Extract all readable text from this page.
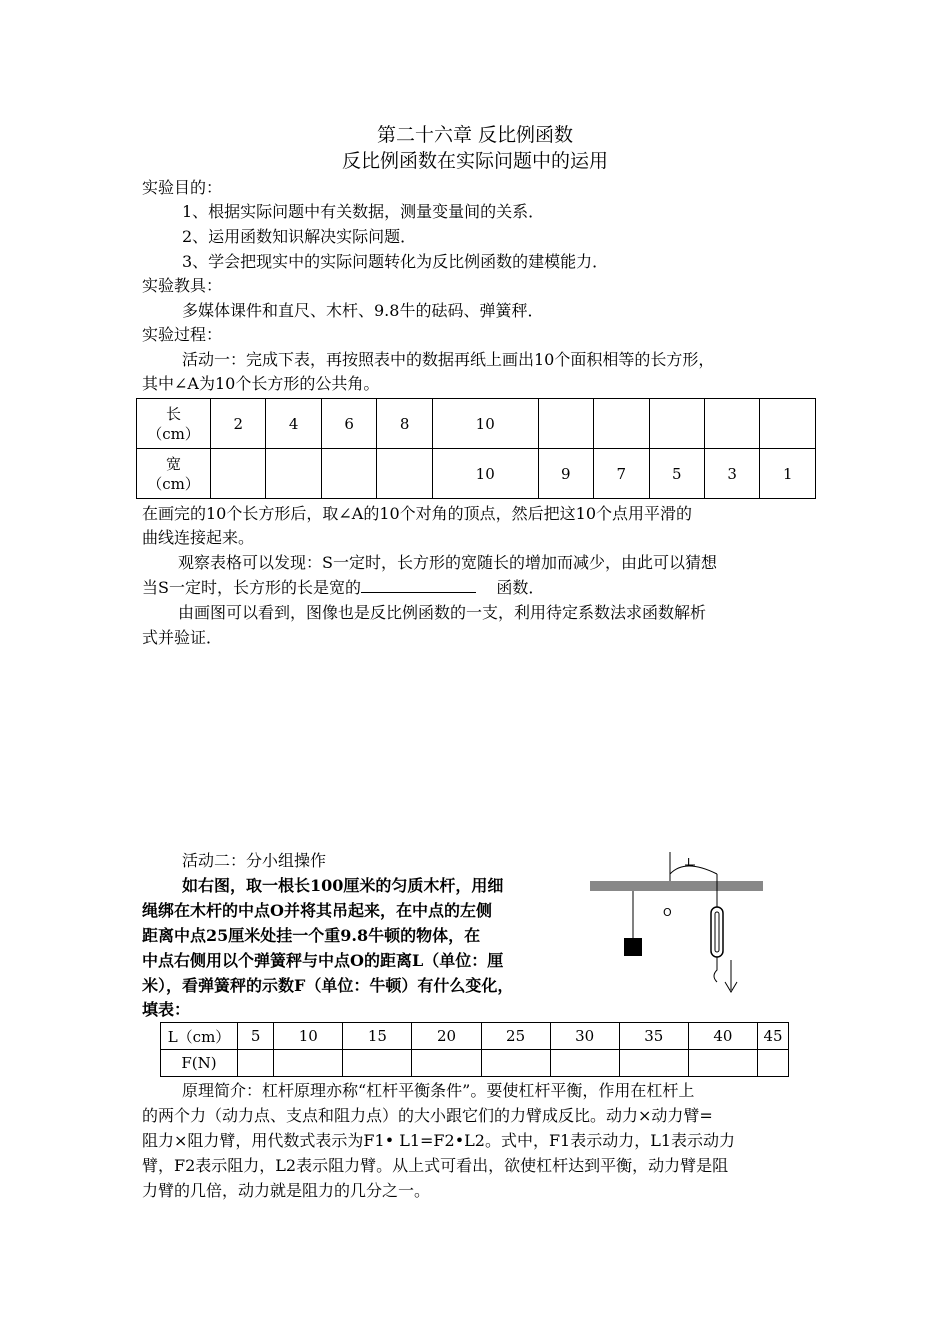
第二十六章 反比例函数
反比例函数在实际问题中的运用
实验目的：
1、根据实际问题中有关数据，测量变量间的关系．
2、运用函数知识解决实际问题．
3、学会把现实中的实际问题转化为反比例函数的建模能力．
实验教具：
多媒体课件和直尺、木杆、9.8牛的砝码、弹簧秤．
实验过程：
活动一：完成下表，再按照表中的数据再纸上画出10个面积相等的长方形，
其中∠A为10个长方形的公共角。
长
（cm）	2	4	6	8	10					
宽
（cm）					10	9	7	5	3	1
在画完的10个长方形后，取∠A的10个对角的顶点，然后把这10个点用平滑的
曲线连接起来。
观察表格可以发现：S一定时，长方形的宽随长的增加而减少，由此可以猜想
当S一定时，长方形的长是宽的	函数．
由画图可以看到，图像也是反比例函数的一支，利用待定系数法求函数解析
式并验证．
活动二：分小组操作
如右图，取一根长100厘米的匀质木杆，用细
绳绑在木杆的中点O并将其吊起来，在中点的左侧
距离中点25厘米处挂一个重9.8牛顿的物体，在
中点右侧用以个弹簧秤与中点O的距离L（单位：厘
米），看弹簧秤的示数F（单位：牛顿）有什么变化，
填表：
L
O
L（cm）	5	10	15	20	25	30	35	40	45
F(N)									
原理简介：杠杆原理亦称“杠杆平衡条件”。要使杠杆平衡，作用在杠杆上
的两个力（动力点、支点和阻力点）的大小跟它们的力臂成反比。动力×动力臂=
阻力×阻力臂，用代数式表示为F1• L1=F2•L2。式中，F1表示动力，L1表示动力
臂，F2表示阻力，L2表示阻力臂。从上式可看出，欲使杠杆达到平衡，动力臂是阻
力臂的几倍，动力就是阻力的几分之一。
